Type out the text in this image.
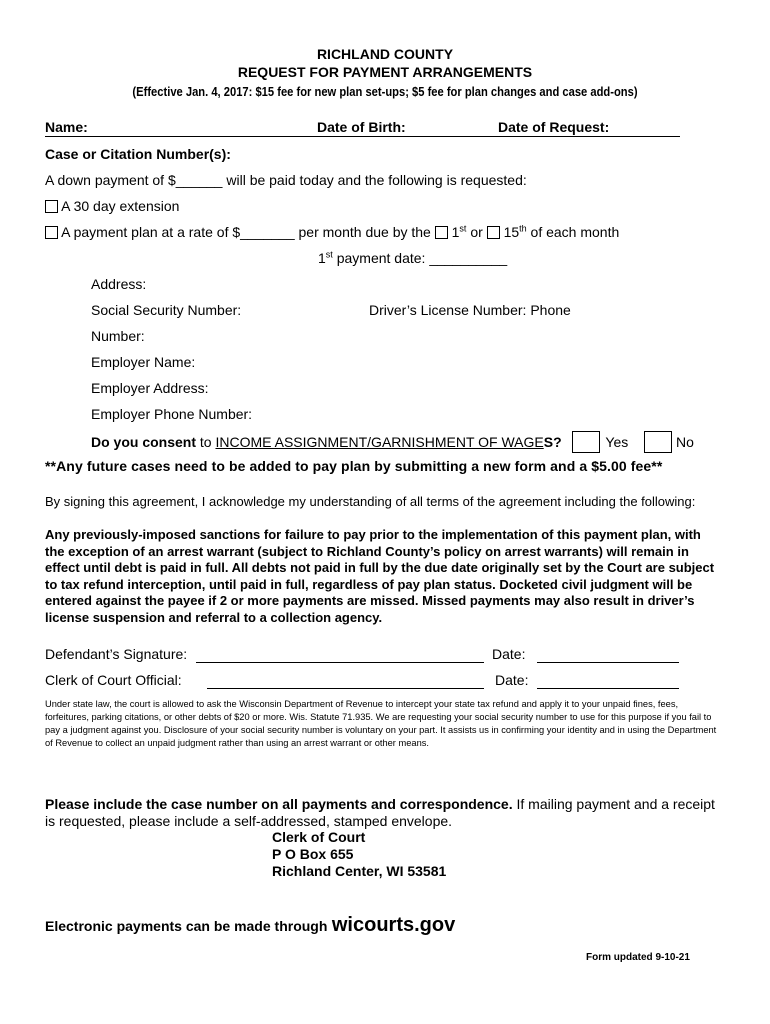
RICHLAND COUNTY
REQUEST FOR PAYMENT ARRANGEMENTS
(Effective Jan. 4, 2017: $15 fee for new plan set-ups; $5 fee for plan changes and case add-ons)
Name:	Date of Birth:	Date of Request:
Case or Citation Number(s):
A down payment of $______ will be paid today and the following is requested:
A 30 day extension
A payment plan at a rate of $_______ per month due by the 1st or 15th of each month
1st payment date: __________
Address:
Social Security Number:	Driver’s License Number: Phone
Number:
Employer Name:
Employer Address:
Employer Phone Number:
Do you consent to INCOME ASSIGNMENT/GARNISHMENT OF WAGES?	Yes	No
**Any future cases need to be added to pay plan by submitting a new form and a $5.00 fee**
By signing this agreement, I acknowledge my understanding of all terms of the agreement including the following:
Any previously-imposed sanctions for failure to pay prior to the implementation of this payment plan, with the exception of an arrest warrant (subject to Richland County’s policy on arrest warrants) will remain in effect until debt is paid in full. All debts not paid in full by the due date originally set by the Court are subject to tax refund interception, until paid in full, regardless of pay plan status. Docketed civil judgment will be entered against the payee if 2 or more payments are missed. Missed payments may also result in driver’s license suspension and referral to a collection agency.
Defendant’s Signature:	Date:
Clerk of Court Official:	Date:
Under state law, the court is allowed to ask the Wisconsin Department of Revenue to intercept your state tax refund and apply it to your unpaid fines, fees, forfeitures, parking citations, or other debts of $20 or more. Wis. Statute 71.935. We are requesting your social security number to use for this purpose if you fail to pay a judgment against you. Disclosure of your social security number is voluntary on your part. It assists us in confirming your identity and in using the Department of Revenue to collect an unpaid judgment rather than using an arrest warrant or other means.
Please include the case number on all payments and correspondence. If mailing payment and a receipt is requested, please include a self-addressed, stamped envelope.
Clerk of Court
P O Box 655
Richland Center, WI 53581
Electronic payments can be made through wicourts.gov
Form updated 9-10-21
